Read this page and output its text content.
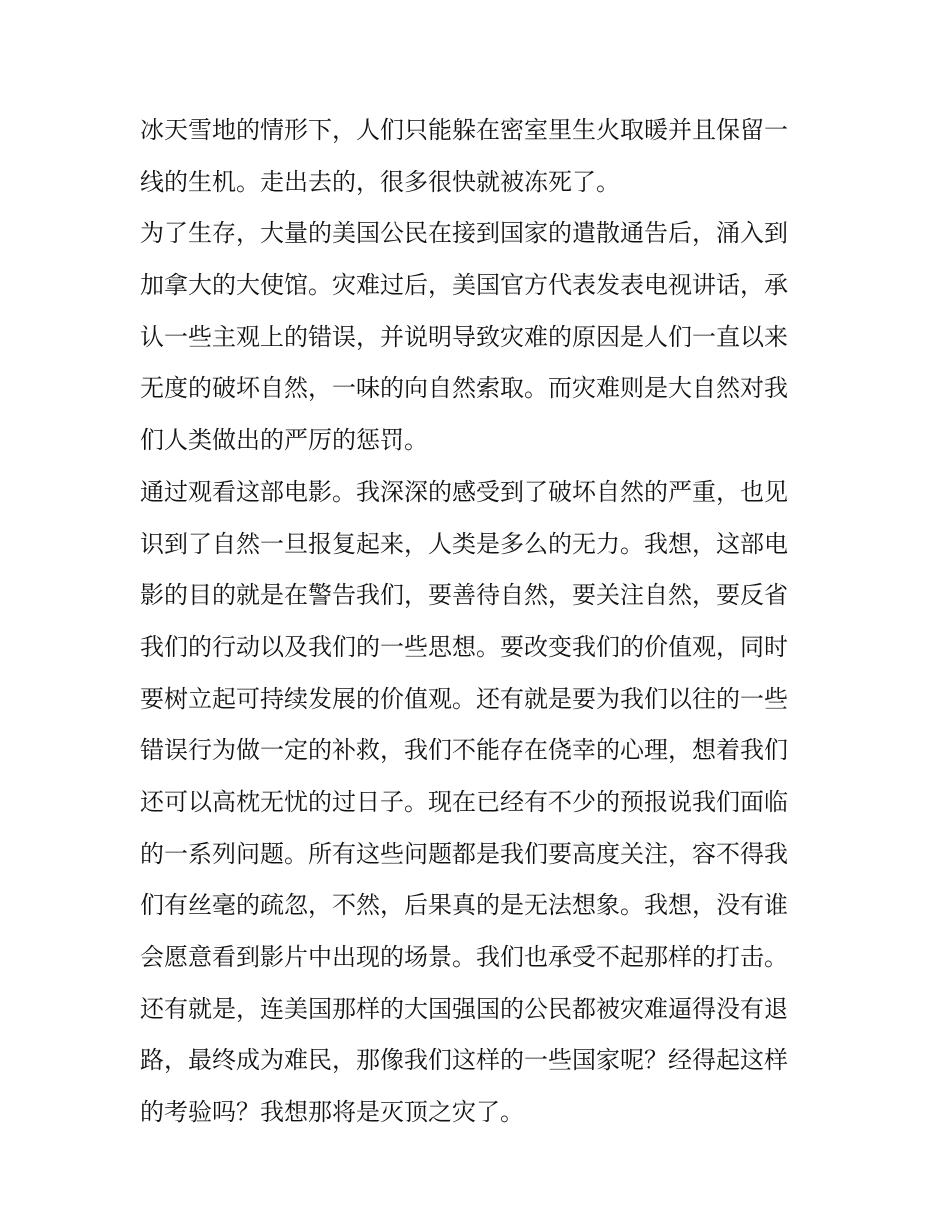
冰天雪地的情形下，人们只能躲在密室里生火取暖并且保留一
线的生机。走出去的，很多很快就被冻死了。
为了生存，大量的美国公民在接到国家的遣散通告后，涌入到
加拿大的大使馆。灾难过后，美国官方代表发表电视讲话，承
认一些主观上的错误，并说明导致灾难的原因是人们一直以来
无度的破坏自然，一味的向自然索取。而灾难则是大自然对我
们人类做出的严厉的惩罚。
通过观看这部电影。我深深的感受到了破坏自然的严重，也见
识到了自然一旦报复起来，人类是多么的无力。我想，这部电
影的目的就是在警告我们，要善待自然，要关注自然，要反省
我们的行动以及我们的一些思想。要改变我们的价值观，同时
要树立起可持续发展的价值观。还有就是要为我们以往的一些
错误行为做一定的补救，我们不能存在侥幸的心理，想着我们
还可以高枕无忧的过日子。现在已经有不少的预报说我们面临
的一系列问题。所有这些问题都是我们要高度关注，容不得我
们有丝毫的疏忽，不然，后果真的是无法想象。我想，没有谁
会愿意看到影片中出现的场景。我们也承受不起那样的打击。
还有就是，连美国那样的大国强国的公民都被灾难逼得没有退
路，最终成为难民，那像我们这样的一些国家呢？经得起这样
的考验吗？我想那将是灭顶之灾了。
